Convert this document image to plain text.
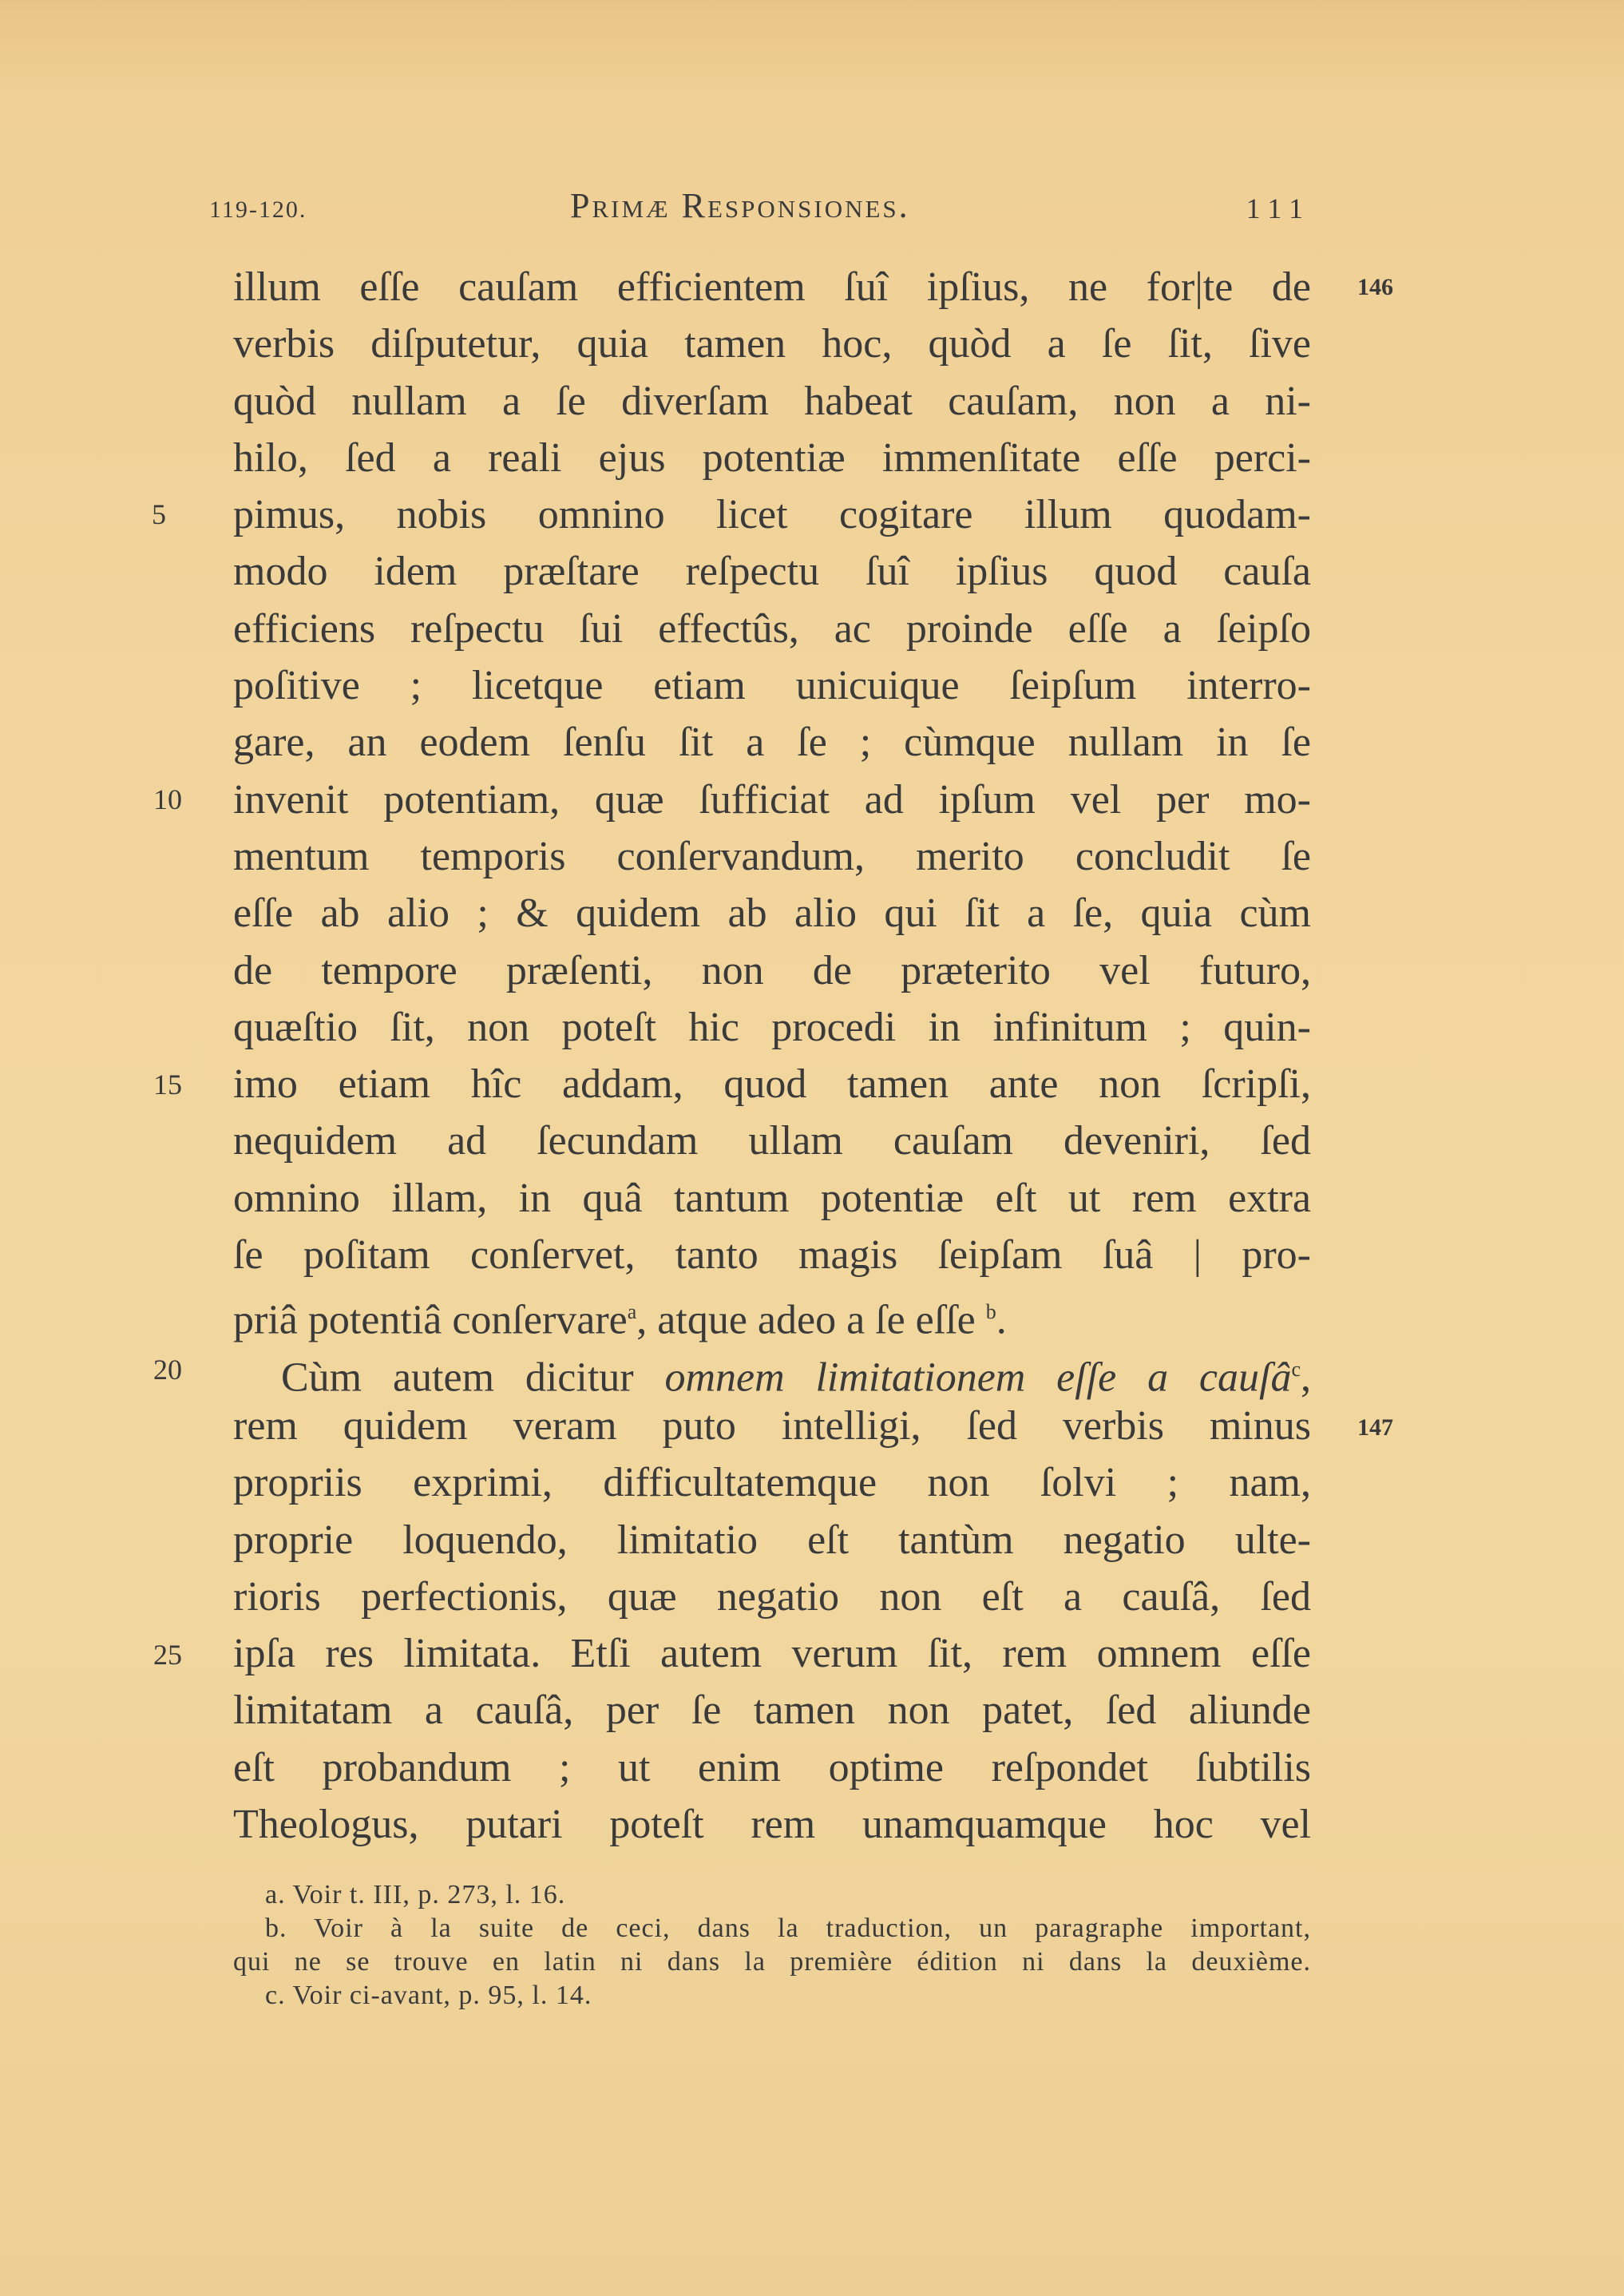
119-120.	Primæ Responsiones.	111
5
10
15
20
25
146
147
illum eſſe cauſam efficientem ſuî ipſius, ne for|te de
verbis diſputetur, quia tamen hoc, quòd a ſe ſit, ſive
quòd nullam a ſe diverſam habeat cauſam, non a ni-
hilo, ſed a reali ejus potentiæ immenſitate eſſe perci-
pimus, nobis omnino licet cogitare illum quodam-
modo idem præſtare reſpectu ſuî ipſius quod cauſa
efficiens reſpectu ſui effectûs, ac proinde eſſe a ſeipſo
poſitive ; licetque etiam unicuique ſeipſum interro-
gare, an eodem ſenſu ſit a ſe ; cùmque nullam in ſe
invenit potentiam, quæ ſufficiat ad ipſum vel per mo-
mentum temporis conſervandum, merito concludit ſe
eſſe ab alio ; & quidem ab alio qui ſit a ſe, quia cùm
de tempore præſenti, non de præterito vel futuro,
quæſtio ſit, non poteſt hic procedi in infinitum ; quin-
imo etiam hîc addam, quod tamen ante non ſcripſi,
nequidem ad ſecundam ullam cauſam deveniri, ſed
omnino illam, in quâ tantum potentiæ eſt ut rem extra
ſe poſitam conſervet, tanto magis ſeipſam ſuâ | pro-
priâ potentiâ conſervare$^a$, atque adeo a ſe eſſe $^b$.
Cùm autem dicitur omnem limitationem eſſe a cauſâ$^c$,
rem quidem veram puto intelligi, ſed verbis minus
propriis exprimi, difficultatemque non ſolvi ; nam,
proprie loquendo, limitatio eſt tantùm negatio ulte-
rioris perfectionis, quæ negatio non eſt a cauſâ, ſed
ipſa res limitata. Etſi autem verum ſit, rem omnem eſſe
limitatam a cauſâ, per ſe tamen non patet, ſed aliunde
eſt probandum ; ut enim optime reſpondet ſubtilis
Theologus, putari poteſt rem unamquamque hoc vel
a. Voir t. III, p. 273, l. 16.
b. Voir à la suite de ceci, dans la traduction, un paragraphe important,
qui ne se trouve en latin ni dans la première édition ni dans la deuxième.
c. Voir ci-avant, p. 95, l. 14.
